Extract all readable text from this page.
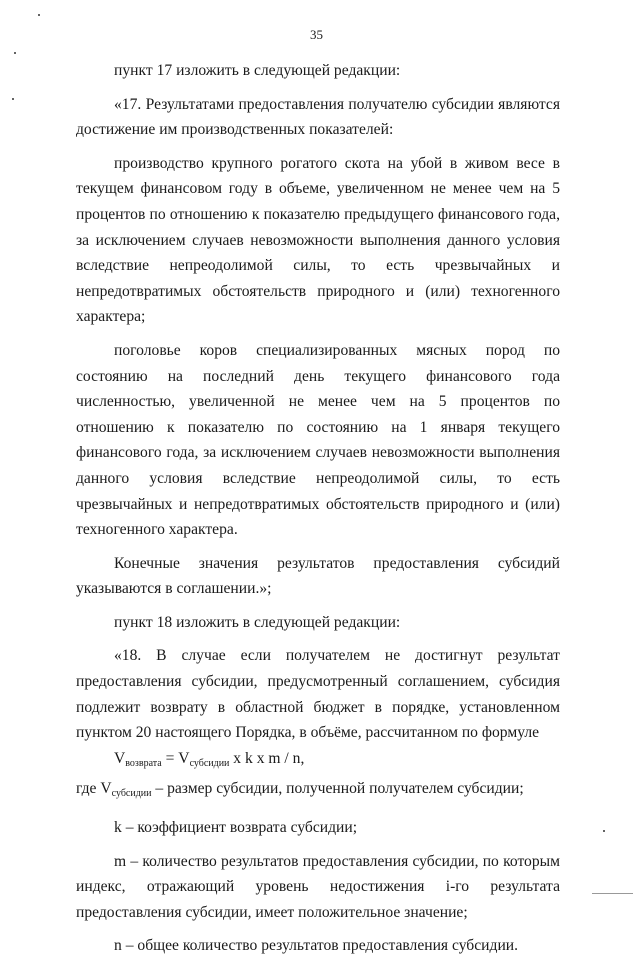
35

пункт 17 изложить в следующей редакции:

«17. Результатами предоставления получателю субсидии являются достижение им производственных показателей:

производство крупного рогатого скота на убой в живом весе в текущем финансовом году в объеме, увеличенном не менее чем на 5 процентов по отношению к показателю предыдущего финансового года, за исключением случаев невозможности выполнения данного условия вследствие непреодолимой силы, то есть чрезвычайных и непредотвратимых обстоятельств природного и (или) техногенного характера;

поголовье коров специализированных мясных пород по состоянию на последний день текущего финансового года численностью, увеличенной не менее чем на 5 процентов по отношению к показателю по состоянию на 1 января текущего финансового года, за исключением случаев невозможности выполнения данного условия вследствие непреодолимой силы, то есть чрезвычайных и непредотвратимых обстоятельств природного и (или) техногенного характера.

Конечные значения результатов предоставления субсидий указываются в соглашении.»;

пункт 18 изложить в следующей редакции:

«18. В случае если получателем не достигнут результат предоставления субсидии, предусмотренный соглашением, субсидия подлежит возврату в областной бюджет в порядке, установленном пунктом 20 настоящего Порядка, в объёме, рассчитанном по формуле

$V_{возврата} = V_{субсидии}$ x k x m / n,

где Vсубсидии – размер субсидии, полученной получателем субсидии;

k – коэффициент возврата субсидии;

m – количество результатов предоставления субсидии, по которым индекс, отражающий уровень недостижения i-го результата предоставления субсидии, имеет положительное значение;

n – общее количество результатов предоставления субсидии.
